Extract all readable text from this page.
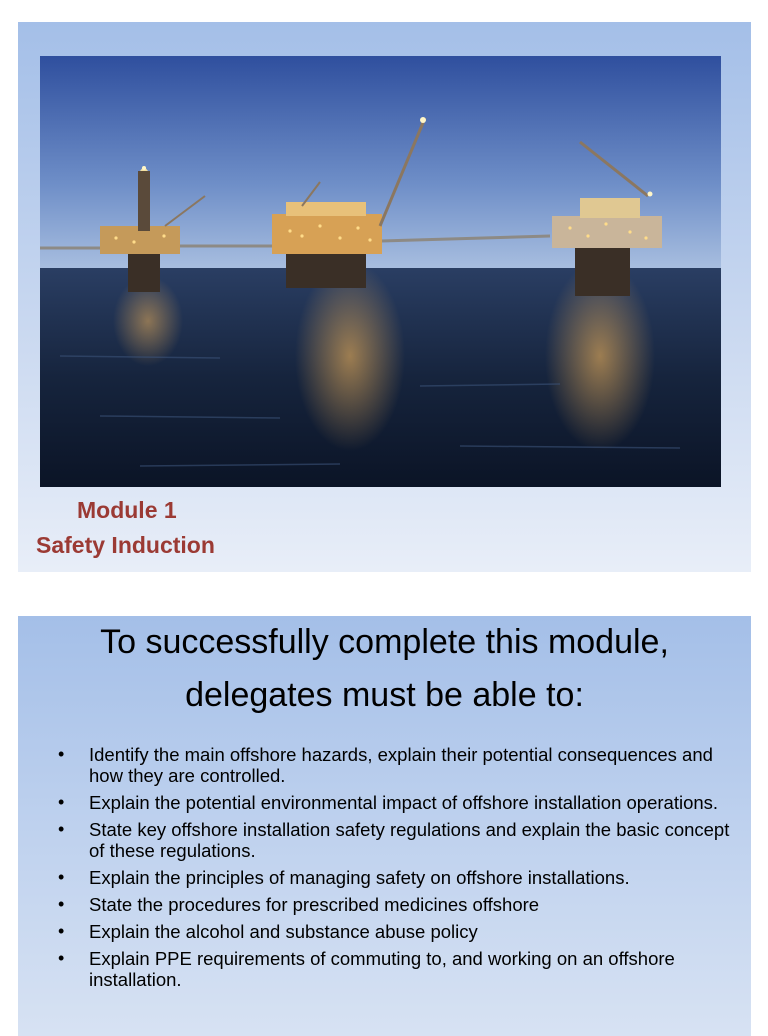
Module 1
Safety Induction
To successfully complete this module,
delegates must be able to:
• Identify the main offshore hazards, explain their potential consequences and how they are controlled.
• Explain the potential environmental impact of offshore installation operations.
• State key offshore installation safety regulations and explain the basic concept of these regulations.
• Explain the principles of managing safety on offshore installations.
• State the procedures for prescribed medicines offshore
• Explain the alcohol and substance abuse policy
• Explain PPE requirements of commuting to, and working on an offshore installation.
